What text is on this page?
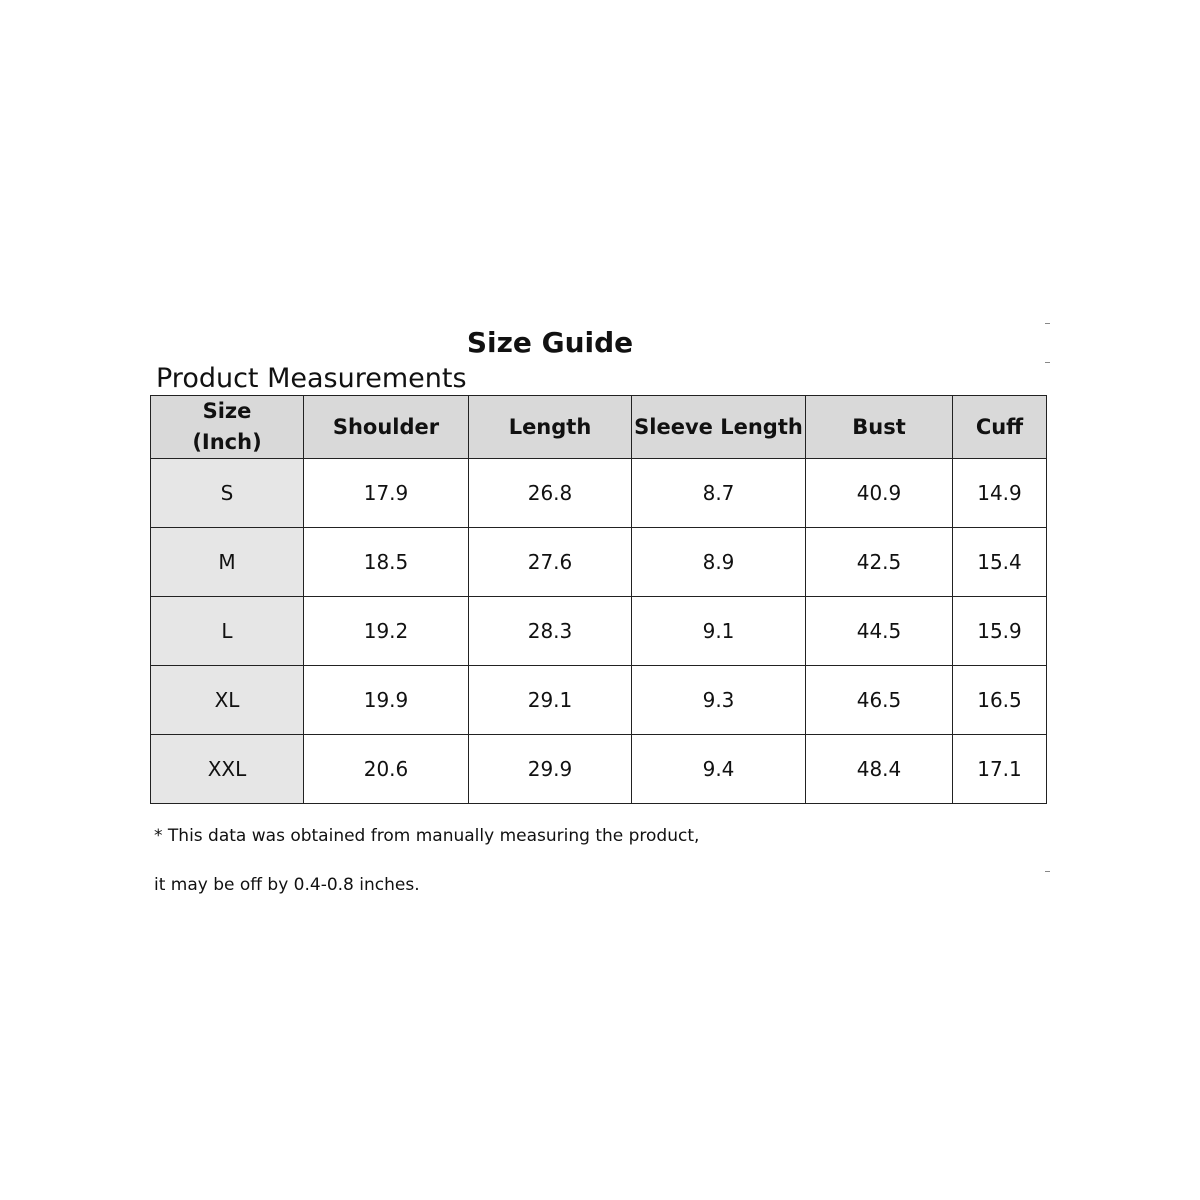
Size Guide
Product Measurements
Size
(Inch)	Shoulder	Length	Sleeve Length	Bust	Cuff
S	17.9	26.8	8.7	40.9	14.9
M	18.5	27.6	8.9	42.5	15.4
L	19.2	28.3	9.1	44.5	15.9
XL	19.9	29.1	9.3	46.5	16.5
XXL	20.6	29.9	9.4	48.4	17.1
* This data was obtained from manually measuring the product,
it may be off by 0.4-0.8 inches.
